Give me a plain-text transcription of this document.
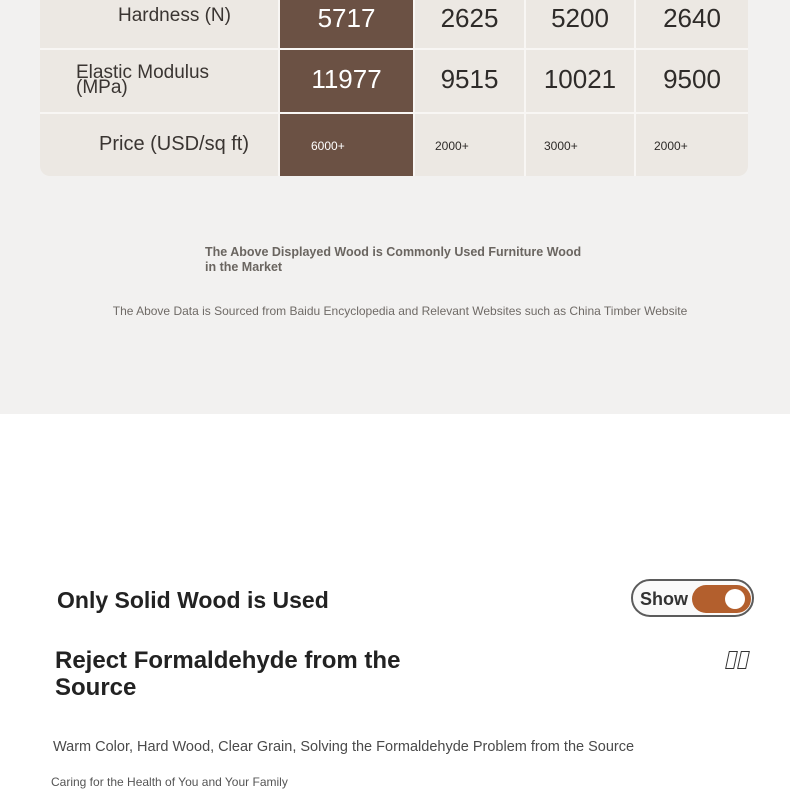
Hardness (N)	5717	2625	5200	2640
Elastic Modulus (MPa)	11977	9515	10021	9500
Price (USD/sq ft)	6000+	2000+	3000+	2000+
The Above Displayed Wood is Commonly Used Furniture Wood in the Market
The Above Data is Sourced from Baidu Encyclopedia and Relevant Websites such as China Timber Website
Only Solid Wood is Used	Show
Reject Formaldehyde from the Source
Warm Color, Hard Wood, Clear Grain, Solving the Formaldehyde Problem from the Source
Caring for the Health of You and Your Family
